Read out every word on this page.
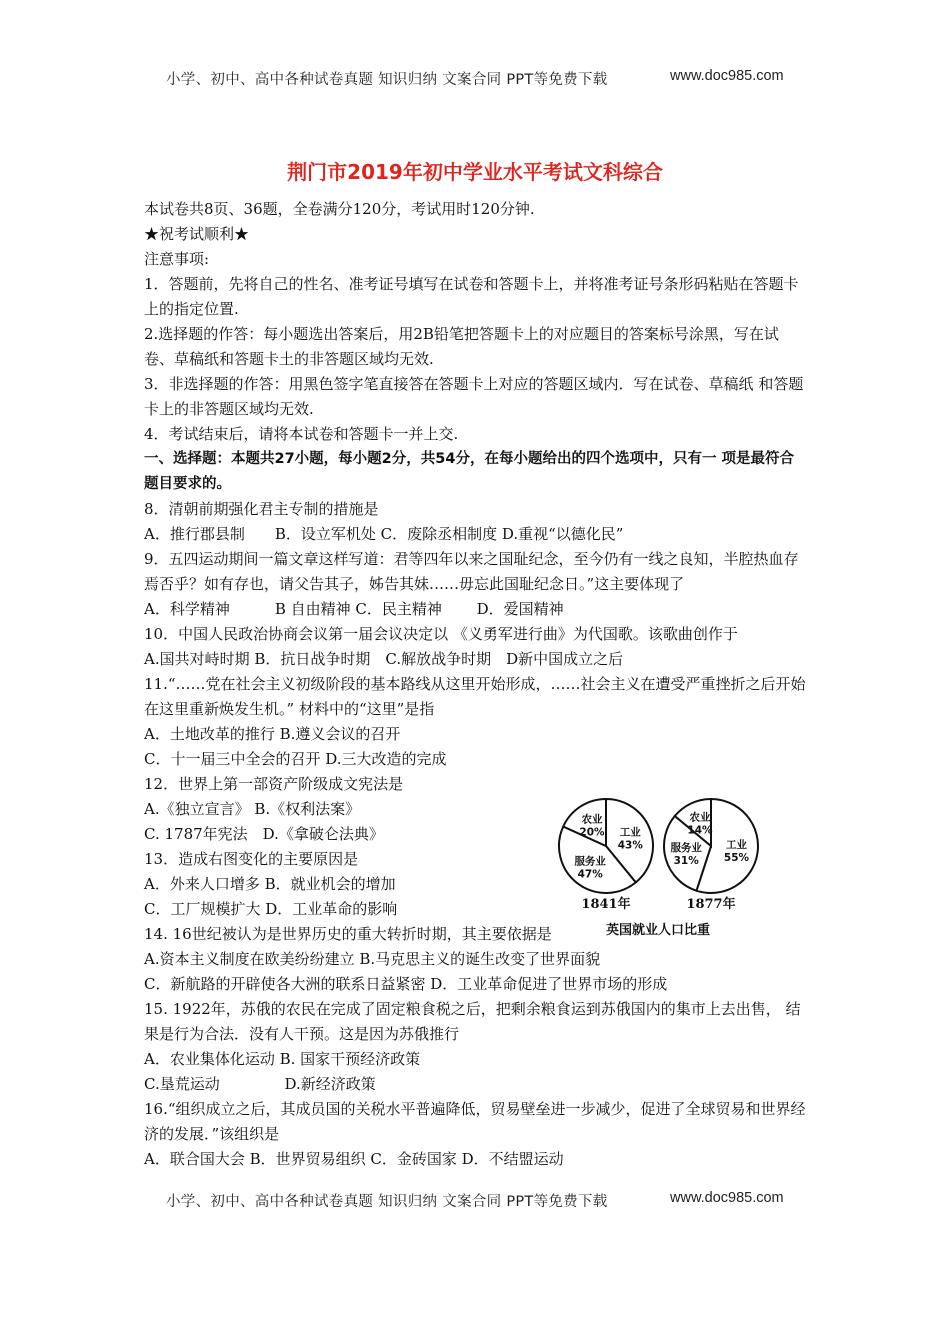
小学、初中、高中各种试卷真题 知识归纳 文案合同 PPT等免费下载	www.doc985.com
荆门市2019年初中学业水平考试文科综合

本试卷共8页、36题，全卷满分120分，考试用时120分钟.

★祝考试顺利★

注意事项:

1．答题前，先将自己的性名、准考证号填写在试卷和答题卡上，并将准考证号条形码粘贴在答题卡上的指定位置.

2.选择题的作答：每小题选出答案后，用2B铅笔把答题卡上的对应题目的答案标号涂黑，写在试卷、草稿纸和答题卡土的非答题区域均无效.

3．非选择题的作答：用黑色签字笔直接答在答题卡上对应的答题区域内．写在试卷、草稿纸 和答题卡上的非答题区域均无效.

4．考试结束后，请将本试卷和答题卡一并上交.

一、选择题：本题共27小题，每小题2分，共54分，在每小题给出的四个选项中，只有一 项是最符合题目要求的。

8．清朝前期强化君主专制的措施是

A．推行郡县制　　B．设立军机处 C．废除丞相制度 D.重视“以德化民”

9．五四运动期间一篇文章这样写道：君等四年以来之国耻纪念，至今仍有一线之良知，半腔热血存焉否乎？如有存也，请父告其子，姊告其妹……毋忘此国耻纪念日。”这主要体现了

A．科学精神　　　B 自由精神 C．民主精神　　 D．爱国精神

10．中国人民政治协商会议第一届会议决定以 《义勇军进行曲》为代国歌。该歌曲创作于

A.国共对峙时期 B．抗日战争时期　C.解放战争时期　D新中国成立之后

11.“……党在社会主义初级阶段的基本路线从这里开始形成，……社会主义在遭受严重挫折之后开始在这里重新焕发生机。” 材料中的“这里”是指

A．土地改革的推行 B.遵义会议的召开

C．十一届三中全会的召开 D.三大改造的完成

12．世界上第一部资产阶级成文宪法是

A.《独立宣言》 B.《权利法案》

C. 1787年宪法　D.《拿破仑法典》

13．造成右图变化的主要原因是

A．外来人口增多 B．就业机会的增加

C．工厂规模扩大 D．工业革命的影响

14. 16世纪被认为是世界历史的重大转折时期，其主要依据是

A.资本主义制度在欧美纷纷建立 B.马克思主义的诞生改变了世界面貌

C．新航路的开辟使各大洲的联系日益紧密 D．工业革命促进了世界市场的形成

15. 1922年，苏俄的农民在完成了固定粮食税之后，把剩余粮食运到苏俄国内的集市上去出售， 结果是行为合法．没有人干预。这是因为苏俄推行

A．农业集体化运动 B. 国家干预经济政策

C.垦荒运动　　　　 D.新经济政策

16.“组织成立之后，其成员国的关税水平普遍降低，贸易壁垒进一步减少，促进了全球贸易和世界经济的发展．”该组织是

A．联合国大会 B．世界贸易组织 C．金砖国家 D．不结盟运动

工业
43%
服务业
47%
农业
20%
1841年
工业
55%
服务业
31%
农业
14%
1877年
英国就业人口比重
小学、初中、高中各种试卷真题 知识归纳 文案合同 PPT等免费下载	www.doc985.com
